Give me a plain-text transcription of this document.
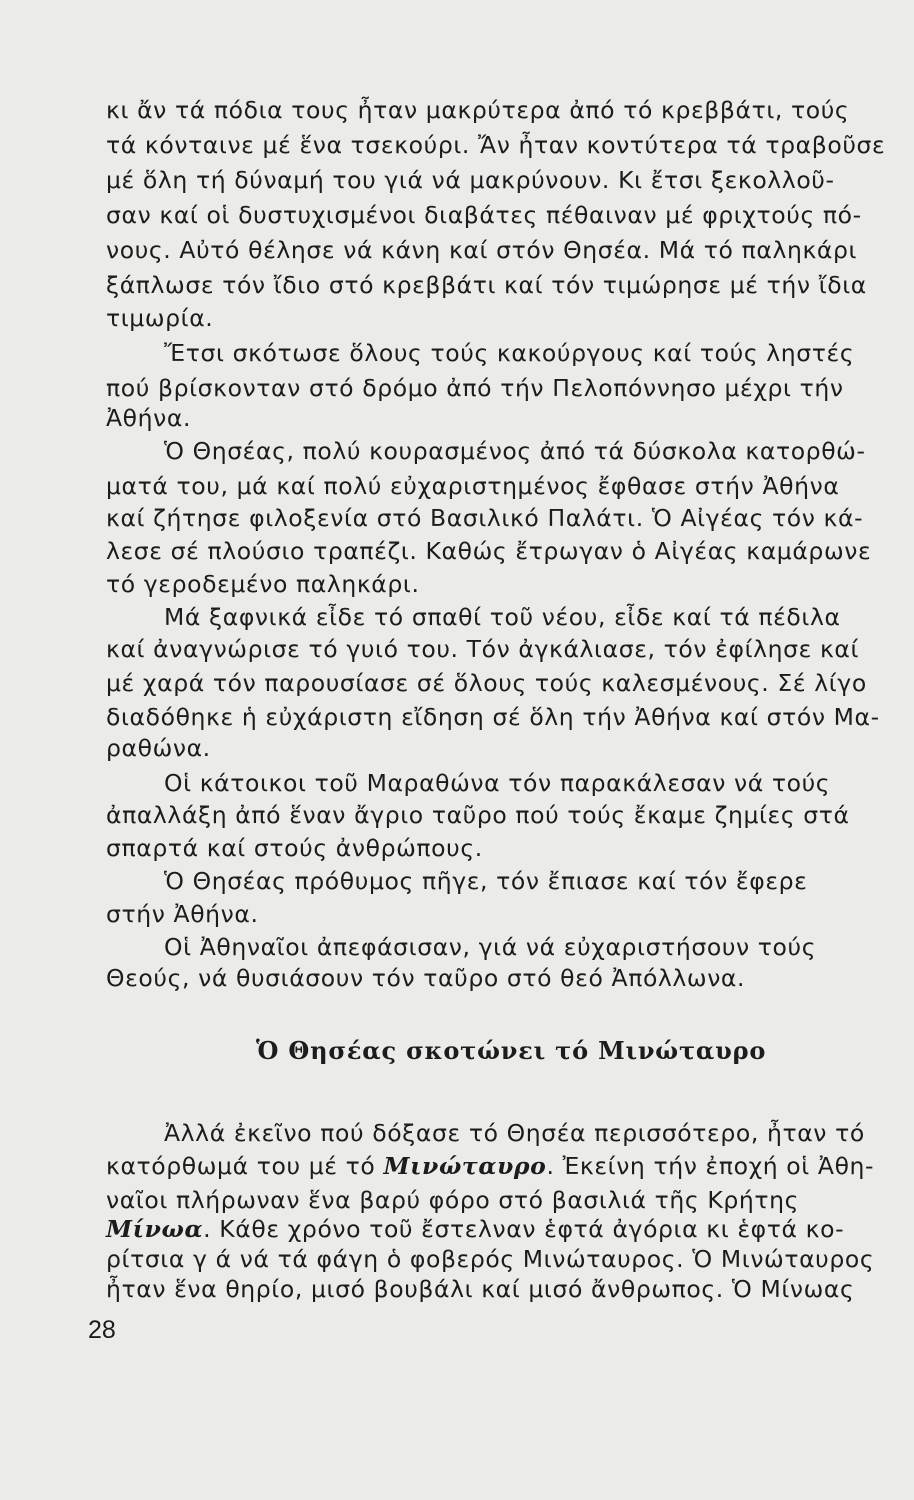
κι ἄν τά πόδια τους ἦταν μακρύτερα ἀπό τό κρεββάτι, τούς
τά κόνταινε μέ ἕνα τσεκούρι. Ἄν ἦταν κοντύτερα τά τραβοῦσε
μέ ὅλη τή δύναμή του γιά νά μακρύνουν. Κι ἔτσι ξεκολλοῦ-
σαν καί οἱ δυστυχισμένοι διαβάτες πέθαιναν μέ φριχτούς πό-
νους. Αὐτό θέλησε νά κάνη καί στόν Θησέα. Μά τό παληκάρι
ξάπλωσε τόν ἴδιο στό κρεββάτι καί τόν τιμώρησε μέ τήν ἴδια
τιμωρία.
Ἔτσι σκότωσε ὅλους τούς κακούργους καί τούς ληστές
πού βρίσκονταν στό δρόμο ἀπό τήν Πελοπόννησο μέχρι τήν
Ἀθήνα.
Ὁ Θησέας, πολύ κουρασμένος ἀπό τά δύσκολα κατορθώ-
ματά του, μά καί πολύ εὐχαριστημένος ἔφθασε στήν Ἀθήνα
καί ζήτησε φιλοξενία στό Βασιλικό Παλάτι. Ὁ Αἰγέας τόν κά-
λεσε σέ πλούσιο τραπέζι. Καθώς ἔτρωγαν ὁ Αἰγέας καμάρωνε
τό γεροδεμένο παληκάρι.
Μά ξαφνικά εἶδε τό σπαθί τοῦ νέου, εἶδε καί τά πέδιλα
καί ἀναγνώρισε τό γυιό του. Τόν ἀγκάλιασε, τόν ἐφίλησε καί
μέ χαρά τόν παρουσίασε σέ ὅλους τούς καλεσμένους. Σέ λίγο
διαδόθηκε ἡ εὐχάριστη εἴδηση σέ ὅλη τήν Ἀθήνα καί στόν Μα-
ραθώνα.
Οἱ κάτοικοι τοῦ Μαραθώνα τόν παρακάλεσαν νά τούς
ἀπαλλάξη ἀπό ἕναν ἄγριο ταῦρο πού τούς ἔκαμε ζημίες στά
σπαρτά καί στούς ἀνθρώπους.
Ὁ Θησέας πρόθυμος πῆγε, τόν ἔπιασε καί τόν ἔφερε
στήν Ἀθήνα.
Οἱ Ἀθηναῖοι ἀπεφάσισαν, γιά νά εὐχαριστήσουν τούς
Θεούς, νά θυσιάσουν τόν ταῦρο στό θεό Ἀπόλλωνα.
Ὁ Θησέας σκοτώνει τό Μινώταυρο
Ἀλλά ἐκεῖνο πού δόξασε τό Θησέα περισσότερο, ἦταν τό
κατόρθωμά του μέ τό Μινώταυρο. Ἐκείνη τήν ἐποχή οἱ Ἀθη-
ναῖοι πλήρωναν ἕνα βαρύ φόρο στό βασιλιά τῆς Κρήτης
Μίνωα. Κάθε χρόνο τοῦ ἔστελναν ἑφτά ἀγόρια κι ἑφτά κο-
ρίτσια γ ά νά τά φάγη ὁ φοβερός Μινώταυρος. Ὁ Μινώταυρος
ἦταν ἕνα θηρίο, μισό βουβάλι καί μισό ἄνθρωπος. Ὁ Μίνωας
28
